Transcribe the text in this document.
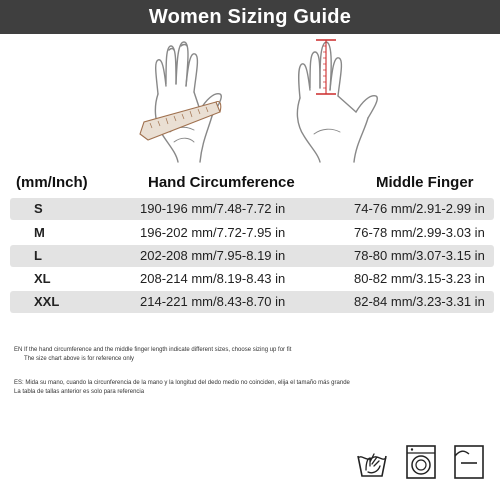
Women Sizing Guide
(mm/Inch)	Hand Circumference	Middle Finger
S	190-196 mm/7.48-7.72 in	74-76 mm/2.91-2.99 in
M	196-202 mm/7.72-7.95 in	76-78 mm/2.99-3.03 in
L	202-208 mm/7.95-8.19 in	78-80 mm/3.07-3.15 in
XL	208-214 mm/8.19-8.43 in	80-82 mm/3.15-3.23 in
XXL	214-221 mm/8.43-8.70 in	82-84 mm/3.23-3.31 in
EN If the hand circumference and the middle finger length indicate different sizes, choose sizing up for fit
The size chart above is for reference only
ES: Mida su mano, cuando la circunferencia de la mano y la longitud del dedo medio no coinciden, elija el tamaño más grande
La tabla de tallas anterior es solo para referencia
